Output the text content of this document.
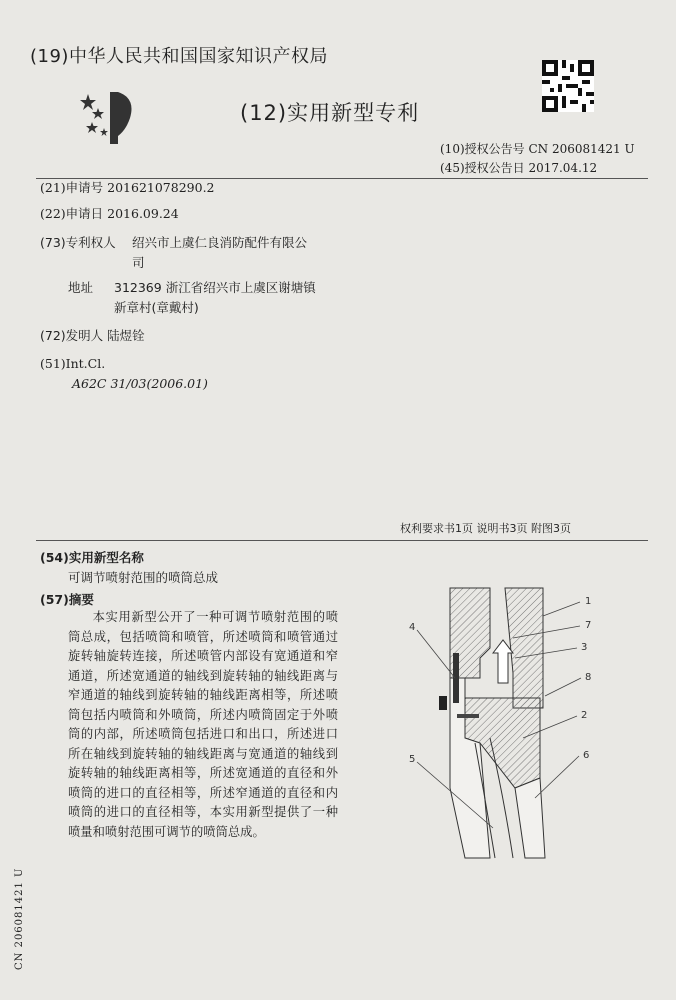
(19)中华人民共和国国家知识产权局
(12)实用新型专利
(10)授权公告号 CN 206081421 U
(45)授权公告日 2017.04.12
(21)申请号 201621078290.2
(22)申请日 2016.09.24
(73)专利权人 绍兴市上虞仁良消防配件有限公
司
地址 312369 浙江省绍兴市上虞区谢塘镇
新章村(章戴村)
(72)发明人 陆煜铨
(51)Int.Cl.
A62C 31/03(2006.01)
权利要求书1页 说明书3页 附图3页
(54)实用新型名称
可调节喷射范围的喷筒总成
(57)摘要
本实用新型公开了一种可调节喷射范围的喷筒总成，包括喷筒和喷管，所述喷筒和喷管通过旋转轴旋转连接，所述喷管内部设有宽通道和窄通道，所述宽通道的轴线到旋转轴的轴线距离与窄通道的轴线到旋转轴的轴线距离相等，所述喷筒包括内喷筒和外喷筒，所述内喷筒固定于外喷筒的内部，所述喷筒包括进口和出口，所述进口所在轴线到旋转轴的轴线距离与宽通道的轴线到旋转轴的轴线距离相等，所述宽通道的直径和外喷筒的进口的直径相等，所述窄通道的直径和内喷筒的进口的直径相等，本实用新型提供了一种喷量和喷射范围可调节的喷筒总成。
1
7
3
8
2
6
4
5
CN 206081421 U
